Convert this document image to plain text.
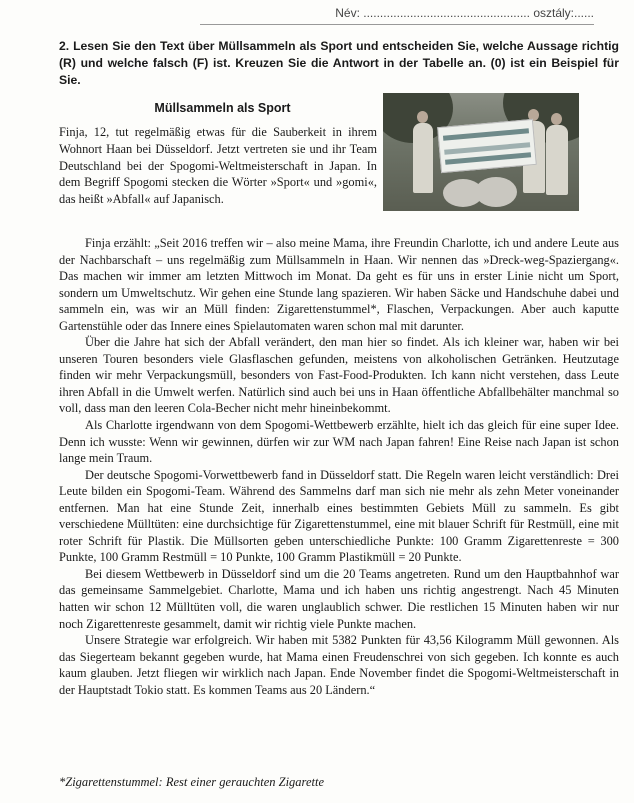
Név: .................................................. osztály:......
2. Lesen Sie den Text über Müllsammeln als Sport und entscheiden Sie, welche Aussage richtig (R) und welche falsch (F) ist. Kreuzen Sie die Antwort in der Tabelle an. (0) ist ein Beispiel für Sie.
Müllsammeln als Sport

Finja, 12, tut regelmäßig etwas für die Sauberkeit in ihrem Wohnort Haan bei Düsseldorf. Jetzt vertreten sie und ihr Team Deutschland bei der Spogomi-Weltmeisterschaft in Japan. In dem Begriff Spogomi stecken die Wörter »Sport« und »gomi«, das heißt »Abfall« auf Japanisch.

Finja erzählt: „Seit 2016 treffen wir – also meine Mama, ihre Freundin Charlotte, ich und andere Leute aus der Nachbarschaft – uns regelmäßig zum Müllsammeln in Haan. Wir nennen das »Dreck-weg-Spaziergang«. Das machen wir immer am letzten Mittwoch im Monat. Da geht es für uns in erster Linie nicht um Sport, sondern um Umweltschutz. Wir gehen eine Stunde lang spazieren. Wir haben Säcke und Handschuhe dabei und sammeln ein, was wir an Müll finden: Zigarettenstummel*, Flaschen, Verpackungen. Aber auch kaputte Gartenstühle oder das Innere eines Spielautomaten waren schon mal mit darunter.

Über die Jahre hat sich der Abfall verändert, den man hier so findet. Als ich kleiner war, haben wir bei unseren Touren besonders viele Glasflaschen gefunden, meistens von alkoholischen Getränken. Heutzutage finden wir mehr Verpackungsmüll, besonders von Fast-Food-Produkten. Ich kann nicht verstehen, dass Leute ihren Abfall in die Umwelt werfen. Natürlich sind auch bei uns in Haan öffentliche Abfallbehälter manchmal so voll, dass man den leeren Cola-Becher nicht mehr hineinbekommt.

Als Charlotte irgendwann von dem Spogomi-Wettbewerb erzählte, hielt ich das gleich für eine super Idee. Denn ich wusste: Wenn wir gewinnen, dürfen wir zur WM nach Japan fahren! Eine Reise nach Japan ist schon lange mein Traum.

Der deutsche Spogomi-Vorwettbewerb fand in Düsseldorf statt. Die Regeln waren leicht verständlich: Drei Leute bilden ein Spogomi-Team. Während des Sammelns darf man sich nie mehr als zehn Meter voneinander entfernen. Man hat eine Stunde Zeit, innerhalb eines bestimmten Gebiets Müll zu sammeln. Es gibt verschiedene Mülltüten: eine durchsichtige für Zigarettenstummel, eine mit blauer Schrift für Restmüll, eine mit roter Schrift für Plastik. Die Müllsorten geben unterschiedliche Punkte: 100 Gramm Zigarettenreste = 300 Punkte, 100 Gramm Restmüll = 10 Punkte, 100 Gramm Plastikmüll = 20 Punkte.

Bei diesem Wettbewerb in Düsseldorf sind um die 20 Teams angetreten. Rund um den Hauptbahnhof war das gemeinsame Sammelgebiet. Charlotte, Mama und ich haben uns richtig angestrengt. Nach 45 Minuten hatten wir schon 12 Mülltüten voll, die waren unglaublich schwer. Die restlichen 15 Minuten haben wir nur noch Zigarettenreste gesammelt, damit wir richtig viele Punkte machen.

Unsere Strategie war erfolgreich. Wir haben mit 5382 Punkten für 43,56 Kilogramm Müll gewonnen. Als das Siegerteam bekannt gegeben wurde, hat Mama einen Freudenschrei von sich gegeben. Ich konnte es auch kaum glauben. Jetzt fliegen wir wirklich nach Japan. Ende November findet die Spogomi-Weltmeisterschaft in der Hauptstadt Tokio statt. Es kommen Teams aus 20 Ländern.“

*Zigarettenstummel: Rest einer gerauchten Zigarette
